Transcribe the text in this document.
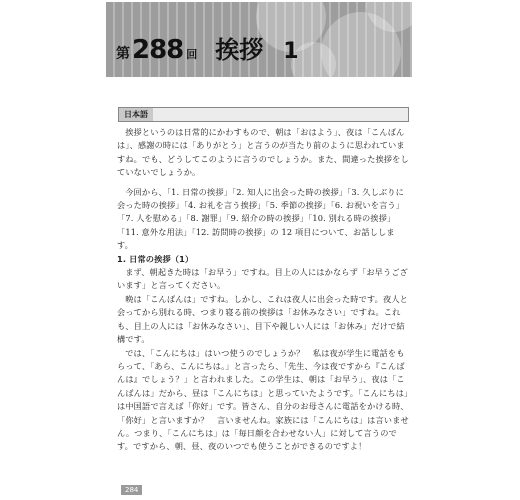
第 288 回 挨拶 1
日本語

挨拶というのは日常的にかわすもので、朝は「おはよう」、夜は「こんばんは」、感謝の時には「ありがとう」と言うのが当たり前のように思われていますね。でも、どうしてこのように言うのでしょうか。また、間違った挨拶をしていないでしょうか。

今回から、「1. 日常の挨拶」「2. 知人に出会った時の挨拶」「3. 久しぶりに会った時の挨拶」「4. お礼を言う挨拶」「5. 季節の挨拶」「6. お祝いを言う」「7. 人を慰める」「8. 謝罪」「9. 紹介の時の挨拶」「10. 別れる時の挨拶」「11. 意外な用法」「12. 訪問時の挨拶」の 12 項目について、お話しします。

1. 日常の挨拶（1）

まず、朝起きた時は「お早う」ですね。目上の人にはかならず「お早うございます」と言ってください。

晩は「こんばんは」ですね。しかし、これは夜人に出会った時です。夜人と会ってから別れる時、つまり寝る前の挨拶は「お休みなさい」ですね。これも、目上の人には「お休みなさい」、目下や親しい人には「お休み」だけで結構です。

では、「こんにちは」はいつ使うのでしょうか？　私は夜が学生に電話をもらって、「あら、こんにちは。」と言ったら、「先生、今は夜ですから『こんばんは』でしょう？」と言われました。この学生は、朝は「お早う」、夜は「こんばんは」だから、昼は「こんにちは」と思っていたようです。「こんにちは」は中国語で言えば「你好」です。皆さん、自分のお母さんに電話をかける時、「你好」と言いますか？　言いませんね。家族には「こんにちは」は言いません。つまり、「こんにちは」は「毎日顔を合わせない人」に対して言うのです。ですから、朝、昼、夜のいつでも使うことができるのですよ！

284
